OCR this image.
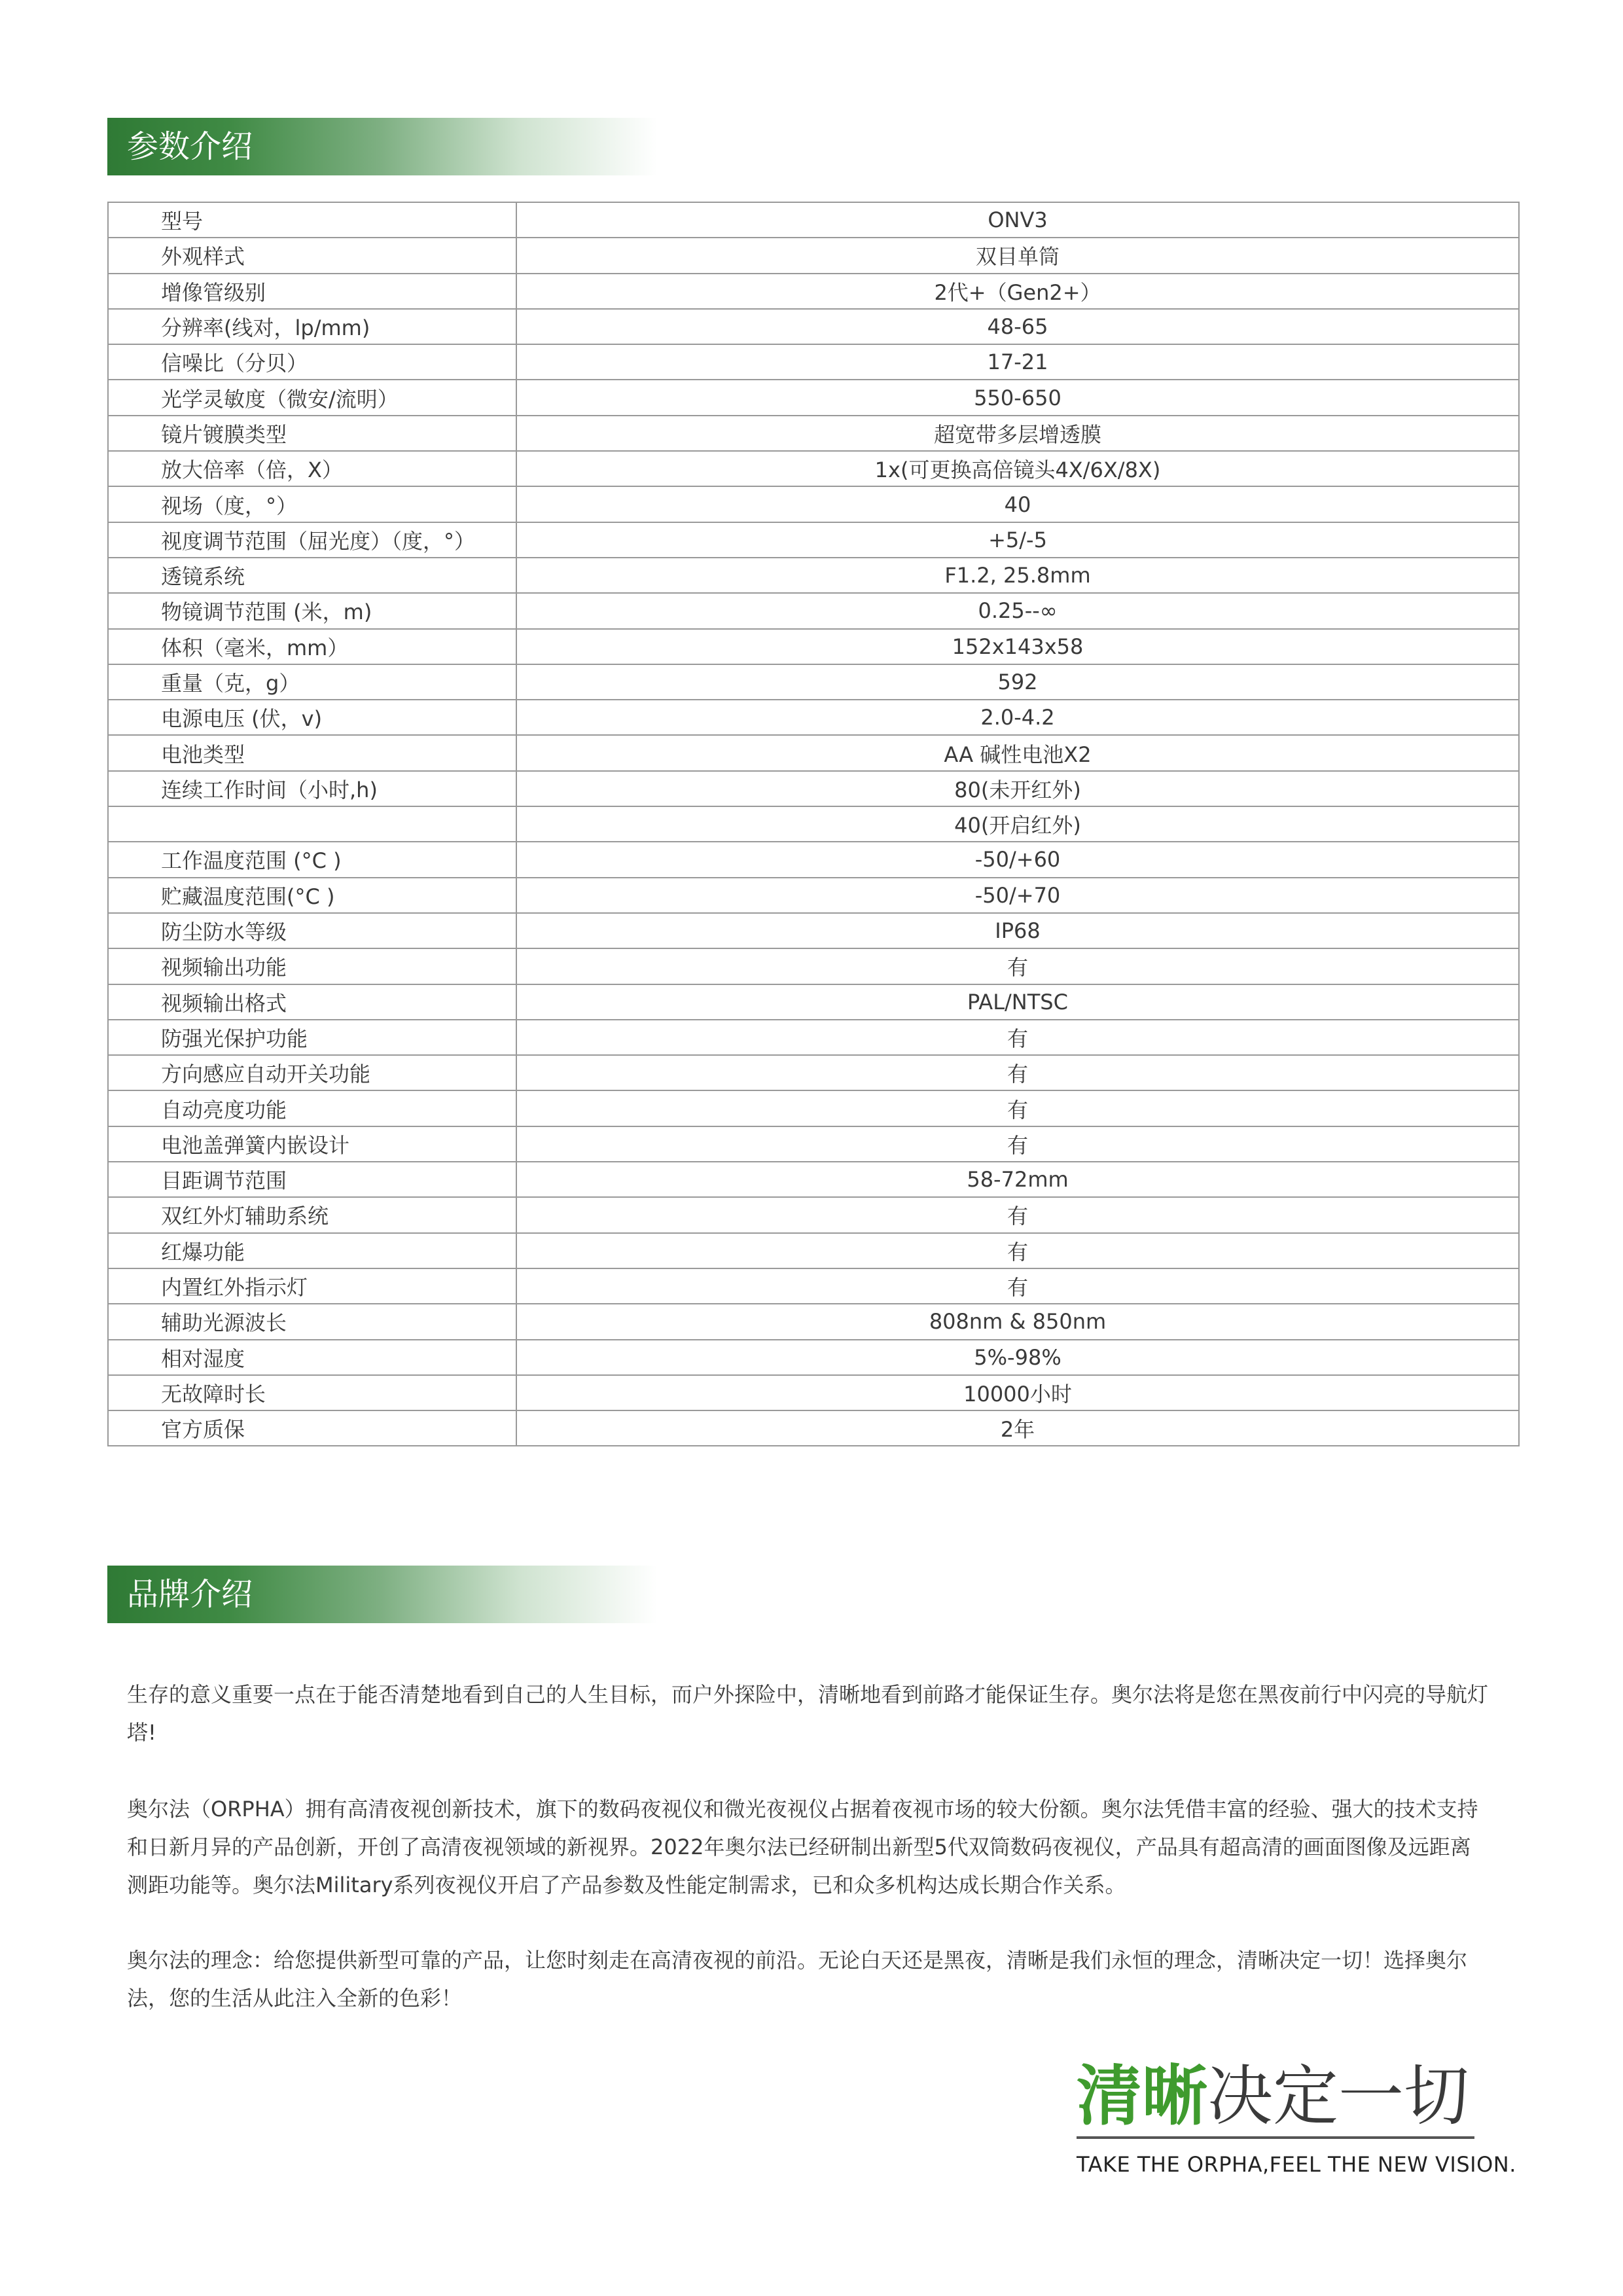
参数介绍
型号	ONV3
外观样式	双目单筒
增像管级别	2代+（Gen2+）
分辨率(线对，lp/mm)	48-65
信噪比（分贝）	17-21
光学灵敏度（微安/流明）	550-650
镜片镀膜类型	超宽带多层增透膜
放大倍率（倍，X）	1x(可更换高倍镜头4X/6X/8X)
视场（度，°）	40
视度调节范围（屈光度）（度，°）	+5/-5
透镜系统	F1.2, 25.8mm
物镜调节范围 (米，m)	0.25--∞
体积（毫米，mm）	152x143x58
重量（克，g）	592
电源电压 (伏，v)	2.0-4.2
电池类型	AA 碱性电池X2
连续工作时间（小时,h)	80(未开红外)
	40(开启红外)
工作温度范围 (°C )	-50/+60
贮藏温度范围(°C )	-50/+70
防尘防水等级	IP68
视频输出功能	有
视频输出格式	PAL/NTSC
防强光保护功能	有
方向感应自动开关功能	有
自动亮度功能	有
电池盖弹簧内嵌设计	有
目距调节范围	58-72mm
双红外灯辅助系统	有
红爆功能	有
内置红外指示灯	有
辅助光源波长	808nm & 850nm
相对湿度	5%-98%
无故障时长	10000小时
官方质保	2年
品牌介绍
生存的意义重要一点在于能否清楚地看到自己的人生目标，而户外探险中，清晰地看到前路才能保证生存。奥尔法将是您在黑夜前行中闪亮的导航灯塔!
奥尔法（ORPHA）拥有高清夜视创新技术，旗下的数码夜视仪和微光夜视仪占据着夜视市场的较大份额。奥尔法凭借丰富的经验、强大的技术支持和日新月异的产品创新，开创了高清夜视领域的新视界。2022年奥尔法已经研制出新型5代双筒数码夜视仪，产品具有超高清的画面图像及远距离测距功能等。奥尔法Military系列夜视仪开启了产品参数及性能定制需求，已和众多机构达成长期合作关系。
奥尔法的理念：给您提供新型可靠的产品，让您时刻走在高清夜视的前沿。无论白天还是黑夜，清晰是我们永恒的理念，清晰决定一切！选择奥尔法，您的生活从此注入全新的色彩！
清晰决定一切
TAKE THE ORPHA,FEEL THE NEW VISION.
